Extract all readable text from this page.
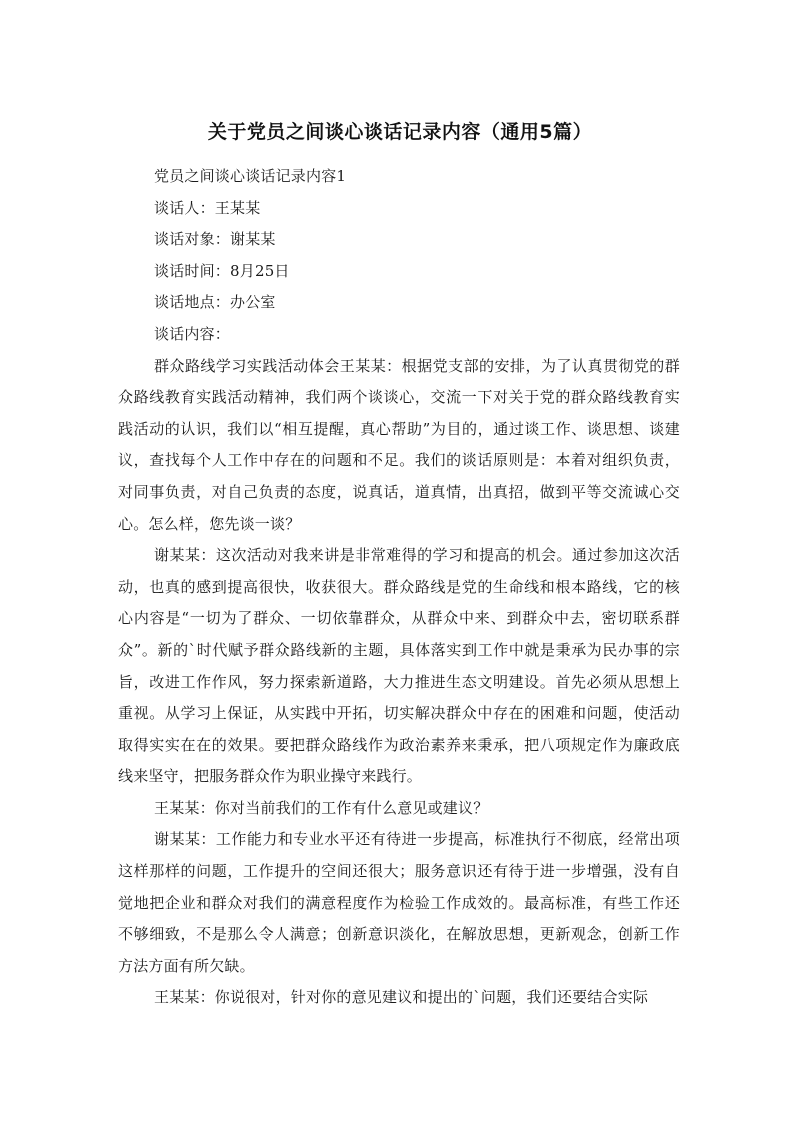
关于党员之间谈心谈话记录内容（通用5篇）

党员之间谈心谈话记录内容1

谈话人：王某某

谈话对象：谢某某

谈话时间：8月25日

谈话地点：办公室

谈话内容：

群众路线学习实践活动体会王某某：根据党支部的安排，为了认真贯彻党的群众路线教育实践活动精神，我们两个谈谈心，交流一下对关于党的群众路线教育实践活动的认识，我们以“相互提醒，真心帮助”为目的，通过谈工作、谈思想、谈建议，查找每个人工作中存在的问题和不足。我们的谈话原则是：本着对组织负责，对同事负责，对自己负责的态度，说真话，道真情，出真招，做到平等交流诚心交心。怎么样，您先谈一谈？

谢某某：这次活动对我来讲是非常难得的学习和提高的机会。通过参加这次活动，也真的感到提高很快，收获很大。群众路线是党的生命线和根本路线，它的核心内容是“一切为了群众、一切依靠群众，从群众中来、到群众中去，密切联系群众”。新的`时代赋予群众路线新的主题，具体落实到工作中就是秉承为民办事的宗旨，改进工作作风，努力探索新道路，大力推进生态文明建设。首先必须从思想上重视。从学习上保证，从实践中开拓，切实解决群众中存在的困难和问题，使活动取得实实在在的效果。要把群众路线作为政治素养来秉承，把八项规定作为廉政底线来坚守，把服务群众作为职业操守来践行。

王某某：你对当前我们的工作有什么意见或建议？

谢某某：工作能力和专业水平还有待进一步提高，标准执行不彻底，经常出项这样那样的问题，工作提升的空间还很大；服务意识还有待于进一步增强，没有自觉地把企业和群众对我们的满意程度作为检验工作成效的。最高标准，有些工作还不够细致，不是那么令人满意；创新意识淡化，在解放思想，更新观念，创新工作方法方面有所欠缺。

王某某：你说很对，针对你的意见建议和提出的`问题，我们还要结合实际
